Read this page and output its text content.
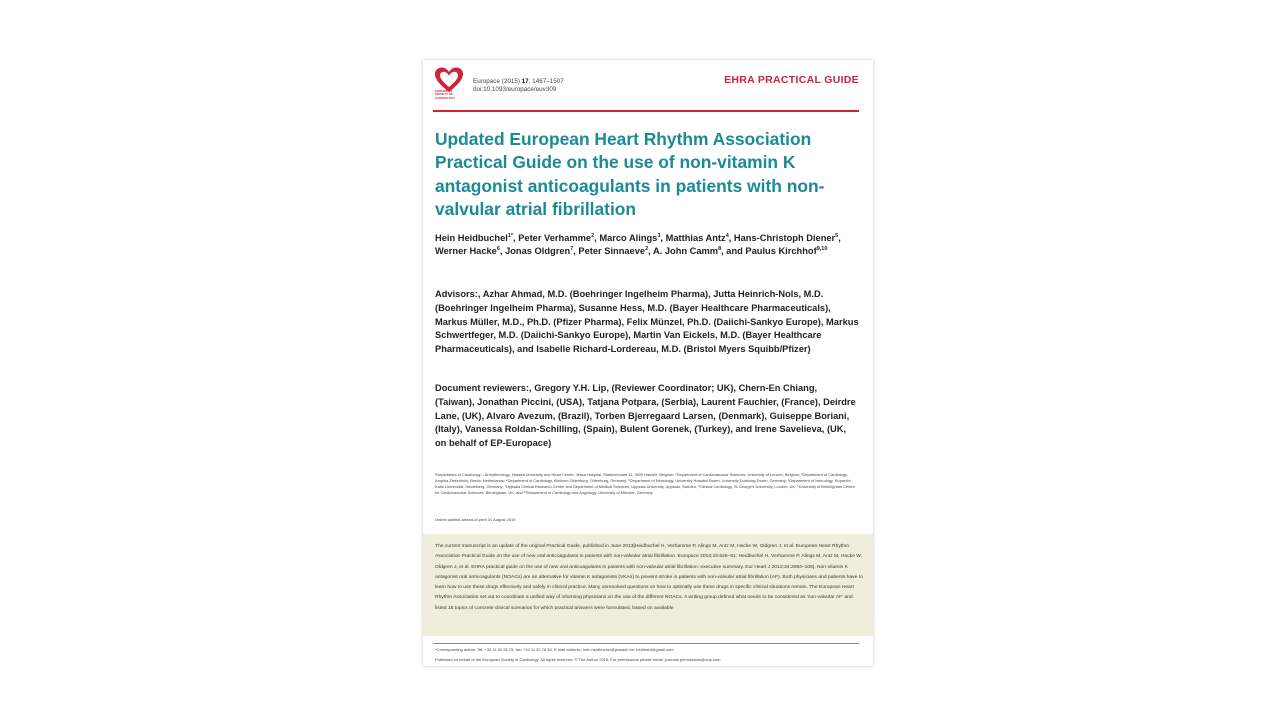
EUROPEAN SOCIETY OF CARDIOLOGY
Europace (2015) 17, 1467–1507
doi:10.1093/europace/euv309
EHRA PRACTICAL GUIDE
Updated European Heart Rhythm Association Practical Guide on the use of non-vitamin K antagonist anticoagulants in patients with non-valvular atrial fibrillation
Hein Heidbuchel$^{1*}$, Peter Verhamme$^2$, Marco Alings$^3$, Matthias Antz$^4$, Hans-Christoph Diener$^5$, Werner Hacke$^6$, Jonas Oldgren$^7$, Peter Sinnaeve$^2$, A. John Camm$^8$, and Paulus Kirchhof$^{9,10}$
Advisors:, Azhar Ahmad, M.D. (Boehringer Ingelheim Pharma), Jutta Heinrich-Nols, M.D. (Boehringer Ingelheim Pharma), Susanne Hess, M.D. (Bayer Healthcare Pharmaceuticals), Markus Müller, M.D., Ph.D. (Pfizer Pharma), Felix Münzel, Ph.D. (Daiichi-Sankyo Europe), Markus Schwertfeger, M.D. (Daiichi-Sankyo Europe), Martin Van Eickels, M.D. (Bayer Healthcare Pharmaceuticals), and Isabelle Richard-Lordereau, M.D. (Bristol Myers Squibb/Pfizer)
Document reviewers:, Gregory Y.H. Lip, (Reviewer Coordinator; UK), Chern-En Chiang, (Taiwan), Jonathan Piccini, (USA), Tatjana Potpara, (Serbia), Laurent Fauchier, (France), Deirdre Lane, (UK), Alvaro Avezum, (Brazil), Torben Bjerregaard Larsen, (Denmark), Guiseppe Boriani, (Italy), Vanessa Roldan-Schilling, (Spain), Bulent Gorenek, (Turkey), and Irene Savelieva, (UK, on behalf of EP-Europace)
¹Department of Cardiology – Arrhythmology, Hasselt University and Heart Center, Jessa Hospital, Stadsomvaart 11, 3500 Hasselt, Belgium; ²Department of Cardiovascular Sciences, University of Leuven, Belgium; ³Department of Cardiology, Amphia Ziekenhuis, Breda, Netherlands; ⁴Department of Cardiology, Klinikum Oldenburg, Oldenburg, Germany; ⁵Department of Neurology, University Hospital Essen, University Duisburg-Essen, Germany; ⁶Department of Neurology, Ruprecht Karls Universität, Heidelberg, Germany; ⁷Uppsala Clinical Research Center and Department of Medical Sciences, Uppsala University, Uppsala, Sweden; ⁸Clinical Cardiology, St George's University, London, UK; ⁹University of Birmingham Centre for Cardiovascular Sciences, Birmingham, UK; and ¹⁰Department of Cardiology and Angiology, University of Münster, Germany
Online publish-ahead-of-print 31 August 2015
The current manuscript is an update of the original Practical Guide, published in June 2013[Heidbuchel H, Verhamme P, Alings M, Antz M, Hacke W, Oldgren J, et al. European Heart Rhythm Association Practical Guide on the use of new oral anticoagulants in patients with non-valvular atrial fibrillation. Europace 2013;15:625–51; Heidbuchel H, Verhamme P, Alings M, Antz M, Hacke W, Oldgren J, et al. EHRA practical guide on the use of new oral anticoagulants in patients with non-valvular atrial fibrillation: executive summary. Eur Heart J 2013;34:2094–106]. Non-vitamin K antagonist oral anticoagulants (NOACs) are an alternative for vitamin K antagonists (VKAs) to prevent stroke in patients with non-valvular atrial fibrillation (AF). Both physicians and patients have to learn how to use these drugs effectively and safely in clinical practice. Many unresolved questions on how to optimally use these drugs in specific clinical situations remain. The European Heart Rhythm Association set out to coordinate a unified way of informing physicians on the use of the different NOACs. A writing group defined what needs to be considered as 'non-valvular AF' and listed 15 topics of concrete clinical scenarios for which practical answers were formulated, based on available
*Corresponding author. Tel: +32 11 30 95 75; fax: +32 11 30 78 39. E-mail address: hein.heidbuchel@jessazh.be, heidheid@gmail.com
Published on behalf of the European Society of Cardiology. All rights reserved. © The Author 2015. For permissions please email: journals.permissions@oup.com.
